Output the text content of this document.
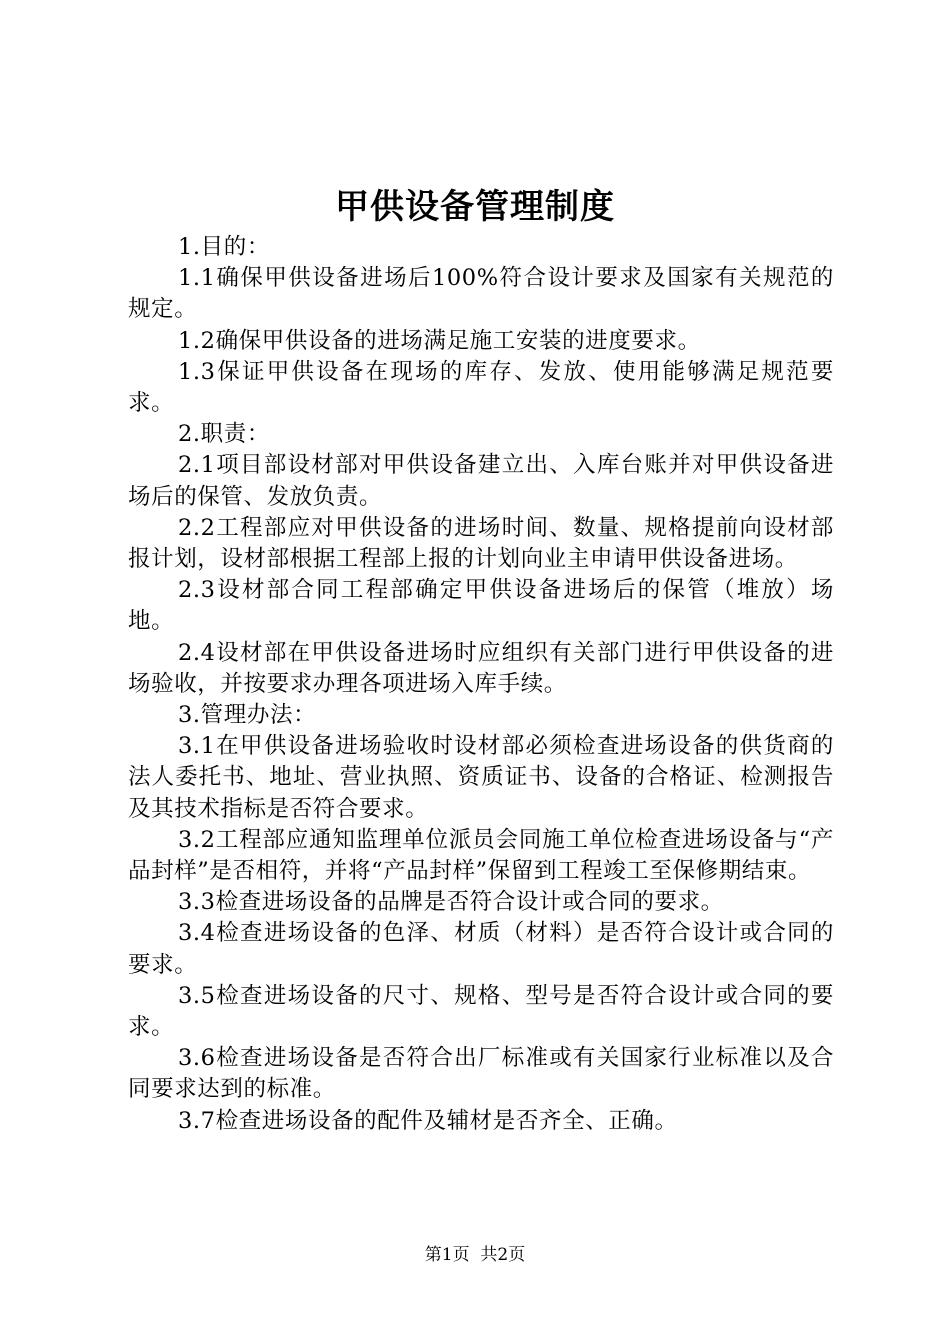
甲供设备管理制度

1.目的：

1.1确保甲供设备进场后100%符合设计要求及国家有关规范的规定。

1.2确保甲供设备的进场满足施工安装的进度要求。

1.3保证甲供设备在现场的库存、发放、使用能够满足规范要求。

2.职责：

2.1项目部设材部对甲供设备建立出、入库台账并对甲供设备进场后的保管、发放负责。

2.2工程部应对甲供设备的进场时间、数量、规格提前向设材部报计划，设材部根据工程部上报的计划向业主申请甲供设备进场。

2.3设材部合同工程部确定甲供设备进场后的保管（堆放）场地。

2.4设材部在甲供设备进场时应组织有关部门进行甲供设备的进场验收，并按要求办理各项进场入库手续。

3.管理办法：

3.1在甲供设备进场验收时设材部必须检查进场设备的供货商的法人委托书、地址、营业执照、资质证书、设备的合格证、检测报告及其技术指标是否符合要求。

3.2工程部应通知监理单位派员会同施工单位检查进场设备与“产品封样”是否相符，并将“产品封样”保留到工程竣工至保修期结束。

3.3检查进场设备的品牌是否符合设计或合同的要求。

3.4检查进场设备的色泽、材质（材料）是否符合设计或合同的要求。

3.5检查进场设备的尺寸、规格、型号是否符合设计或合同的要求。

3.6检查进场设备是否符合出厂标准或有关国家行业标准以及合同要求达到的标准。

3.7检查进场设备的配件及辅材是否齐全、正确。

第1页  共2页
